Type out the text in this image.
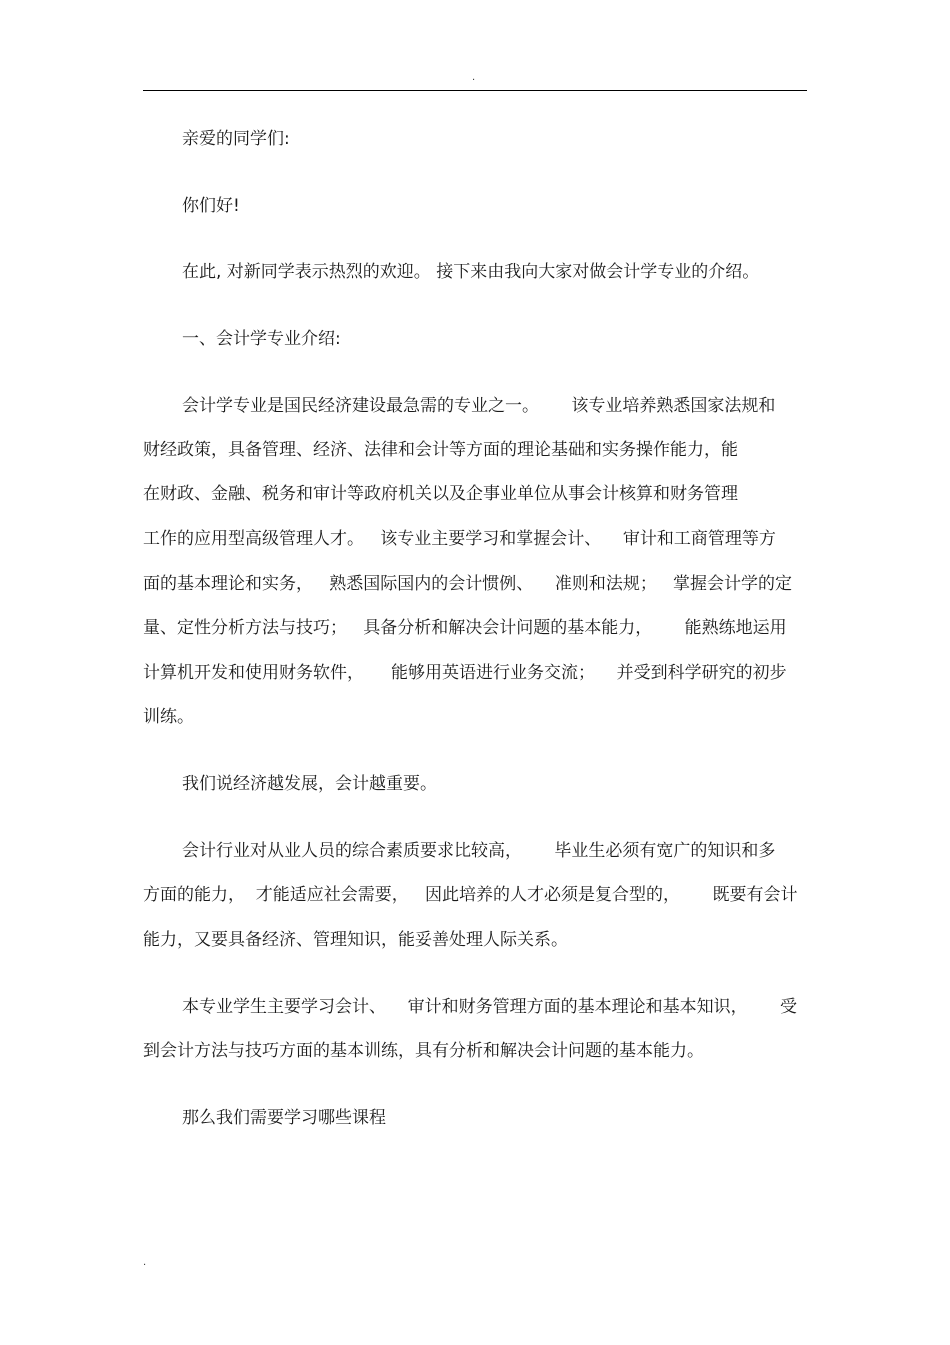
.
亲爱的同学们:
你们好!
在此, 对新同学表示热烈的欢迎。 接下来由我向大家对做会计学专业的介绍。
一、会计学专业介绍:
会计学专业是国民经济建设最急需的专业之一。      该专业培养熟悉国家法规和
财经政策，具备管理、经济、法律和会计等方面的理论基础和实务操作能力，能
在财政、金融、税务和审计等政府机关以及企事业单位从事会计核算和财务管理
工作的应用型高级管理人才。   该专业主要学习和掌握会计、    审计和工商管理等方
面的基本理论和实务，   熟悉国际国内的会计惯例、    准则和法规；   掌握会计学的定
量、定性分析方法与技巧；   具备分析和解决会计问题的基本能力，      能熟练地运用
计算机开发和使用财务软件，     能够用英语进行业务交流；    并受到科学研究的初步
训练。
我们说经济越发展，会计越重要。
会计行业对从业人员的综合素质要求比较高，      毕业生必须有宽广的知识和多
方面的能力，  才能适应社会需要，   因此培养的人才必须是复合型的，      既要有会计
能力，又要具备经济、管理知识，能妥善处理人际关系。
本专业学生主要学习会计、    审计和财务管理方面的基本理论和基本知识，      受
到会计方法与技巧方面的基本训练，具有分析和解决会计问题的基本能力。
那么我们需要学习哪些课程
.
